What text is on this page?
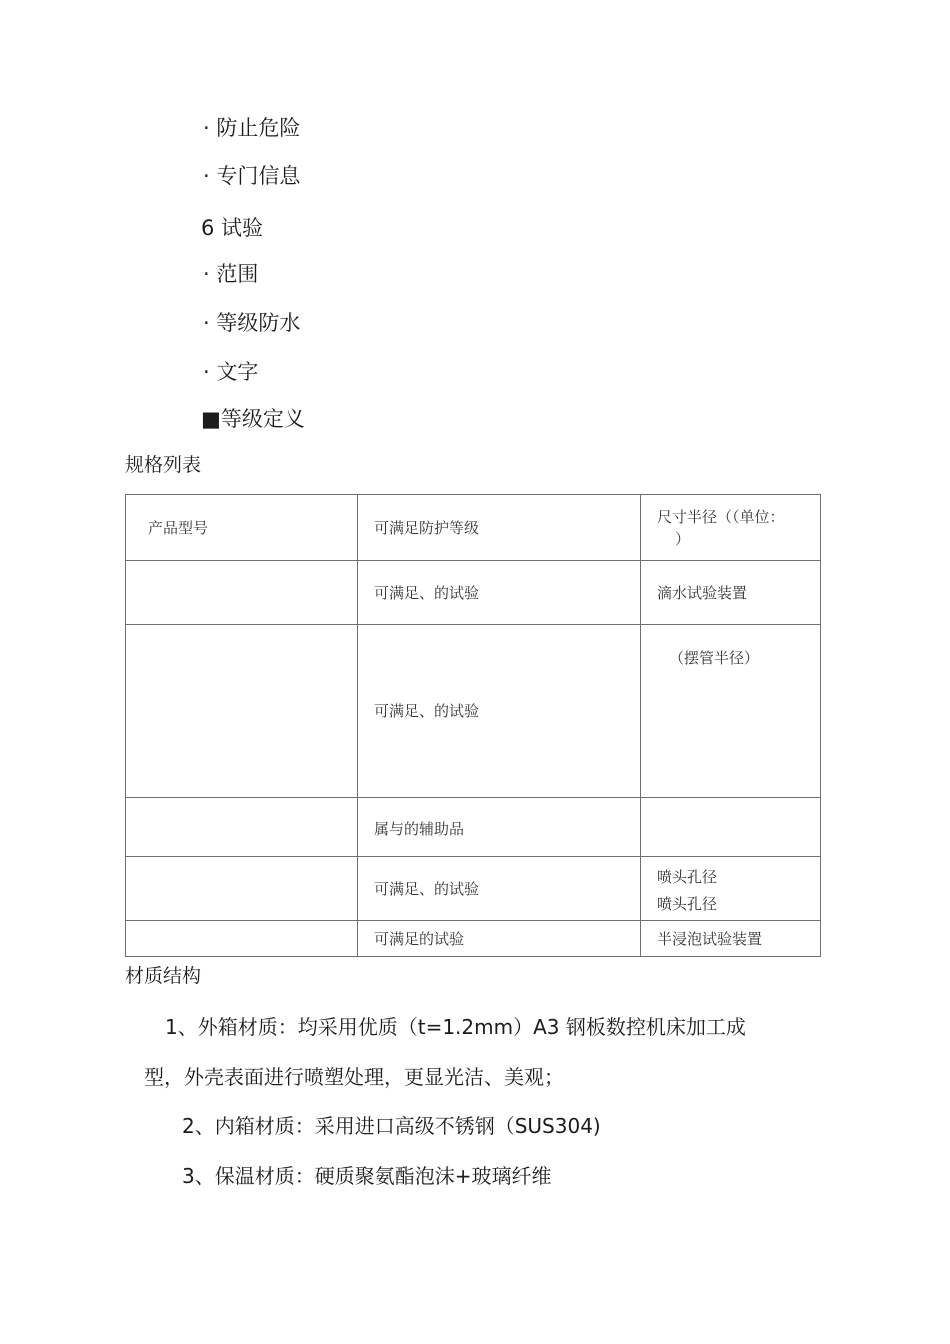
· 防止危险
· 专门信息
6 试验
· 范围
· 等级防水
· 文字
■等级定义
规格列表
产品型号	可满足防护等级	尺寸半径（（单位：
）

	可满足、的试验	滴水试验装置
	可满足、的试验	（摆管半径）
	属与的辅助品	
	可满足、的试验	喷头孔径
喷头孔径

	可满足的试验	半浸泡试验装置
材质结构
1、外箱材质：均采用优质（t=1.2mm）A3 钢板数控机床加工成
型，外壳表面进行喷塑处理，更显光洁、美观；
2、内箱材质：采用进口高级不锈钢（SUS304)
3、保温材质：硬质聚氨酯泡沫+玻璃纤维
